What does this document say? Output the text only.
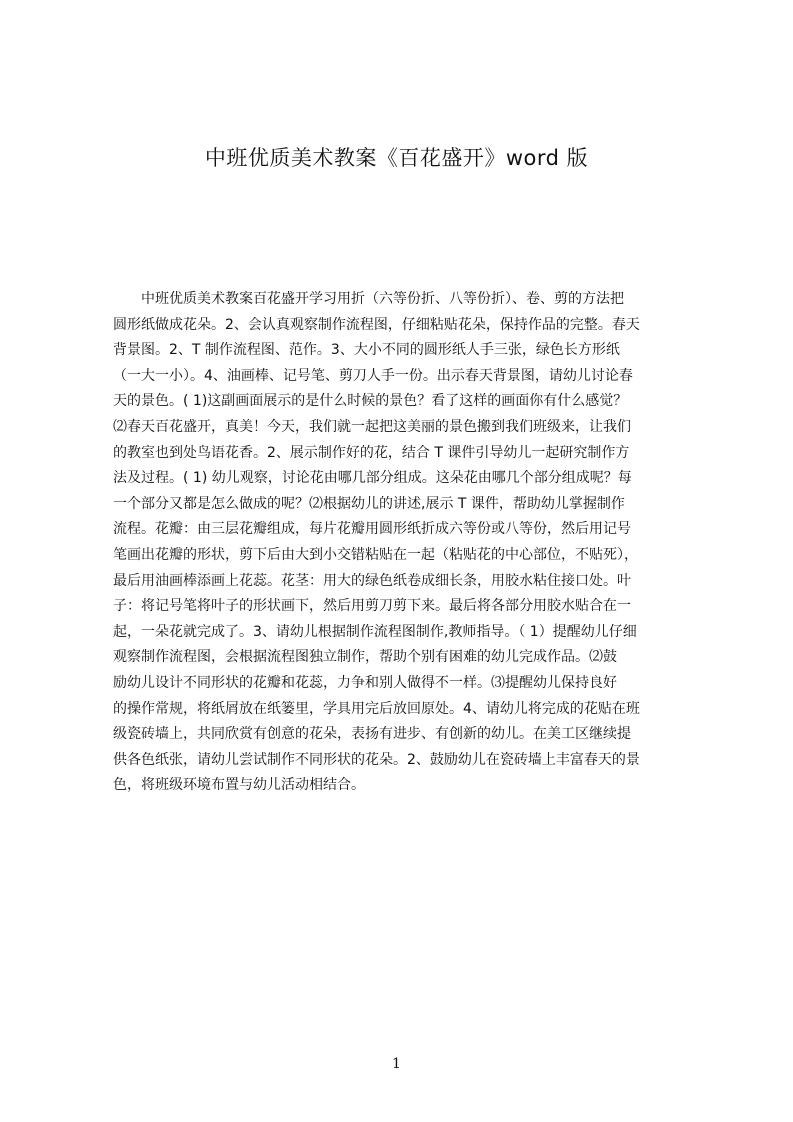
中班优质美术教案《百花盛开》word 版
中班优质美术教案百花盛开学习用折（六等份折、八等份折）、卷、剪的方法把
圆形纸做成花朵。2、会认真观察制作流程图，仔细粘贴花朵，保持作品的完整。春天
背景图。2、T 制作流程图、范作。3、大小不同的圆形纸人手三张，绿色长方形纸
（一大一小）。4、油画棒、记号笔、剪刀人手一份。出示春天背景图，请幼儿讨论春
天的景色。( 1)这副画面展示的是什么时候的景色？看了这样的画面你有什么感觉？
⑵春天百花盛开，真美！今天，我们就一起把这美丽的景色搬到我们班级来，让我们
的教室也到处鸟语花香。2、展示制作好的花，结合 T 课件引导幼儿一起研究制作方
法及过程。( 1) 幼儿观察，讨论花由哪几部分组成。这朵花由哪几个部分组成呢？每
一个部分又都是怎么做成的呢？⑵根据幼儿的讲述,展示 T 课件，帮助幼儿掌握制作
流程。花瓣：由三层花瓣组成，每片花瓣用圆形纸折成六等份或八等份，然后用记号
笔画出花瓣的形状，剪下后由大到小交错粘贴在一起（粘贴花的中心部位，不贴死），
最后用油画棒添画上花蕊。花茎：用大的绿色纸卷成细长条，用胶水粘住接口处。叶
子：将记号笔将叶子的形状画下，然后用剪刀剪下来。最后将各部分用胶水贴合在一
起，一朵花就完成了。3、请幼儿根据制作流程图制作,教师指导。（ 1）提醒幼儿仔细
观察制作流程图，会根据流程图独立制作，帮助个别有困难的幼儿完成作品。⑵鼓
励幼儿设计不同形状的花瓣和花蕊，力争和别人做得不一样。⑶提醒幼儿保持良好
的操作常规，将纸屑放在纸篓里，学具用完后放回原处。4、请幼儿将完成的花贴在班
级瓷砖墙上，共同欣赏有创意的花朵，表扬有进步、有创新的幼儿。在美工区继续提
供各色纸张，请幼儿尝试制作不同形状的花朵。2、鼓励幼儿在瓷砖墙上丰富春天的景
色，将班级环境布置与幼儿活动相结合。
1
